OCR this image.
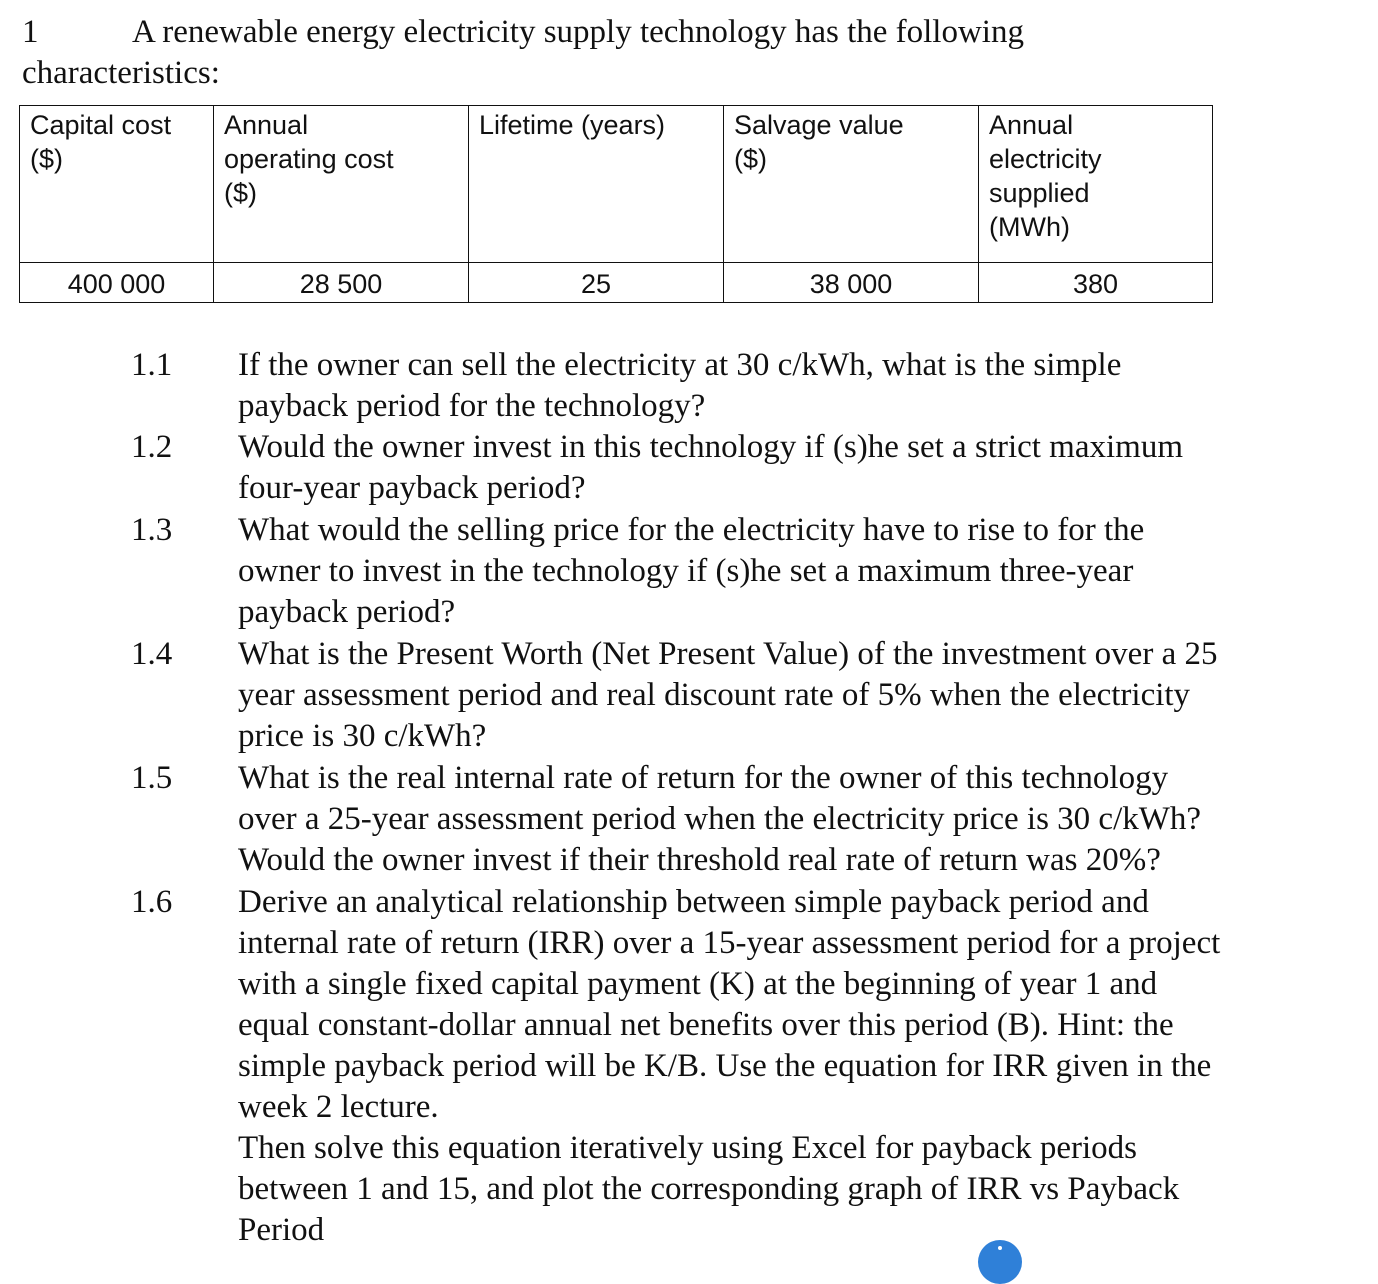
1	A renewable energy electricity supply technology has the following
characteristics:
Capital cost ($)	Annual operating cost ($)	Lifetime (years)	Salvage value ($)	Annual electricity supplied (MWh)

400 000	28 500	25	38 000	380
1.1 If the owner can sell the electricity at 30 c/kWh, what is the simple
payback period for the technology?
1.2 Would the owner invest in this technology if (s)he set a strict maximum
four-year payback period?
1.3 What would the selling price for the electricity have to rise to for the
owner to invest in the technology if (s)he set a maximum three-year
payback period?
1.4 What is the Present Worth (Net Present Value) of the investment over a 25
year assessment period and real discount rate of 5% when the electricity
price is 30 c/kWh?
1.5 What is the real internal rate of return for the owner of this technology
over a 25-year assessment period when the electricity price is 30 c/kWh?
Would the owner invest if their threshold real rate of return was 20%?
1.6 Derive an analytical relationship between simple payback period and
internal rate of return (IRR) over a 15-year assessment period for a project
with a single fixed capital payment (K) at the beginning of year 1 and
equal constant-dollar annual net benefits over this period (B). Hint: the
simple payback period will be K/B. Use the equation for IRR given in the
week 2 lecture.
Then solve this equation iteratively using Excel for payback periods
between 1 and 15, and plot the corresponding graph of IRR vs Payback
Period
